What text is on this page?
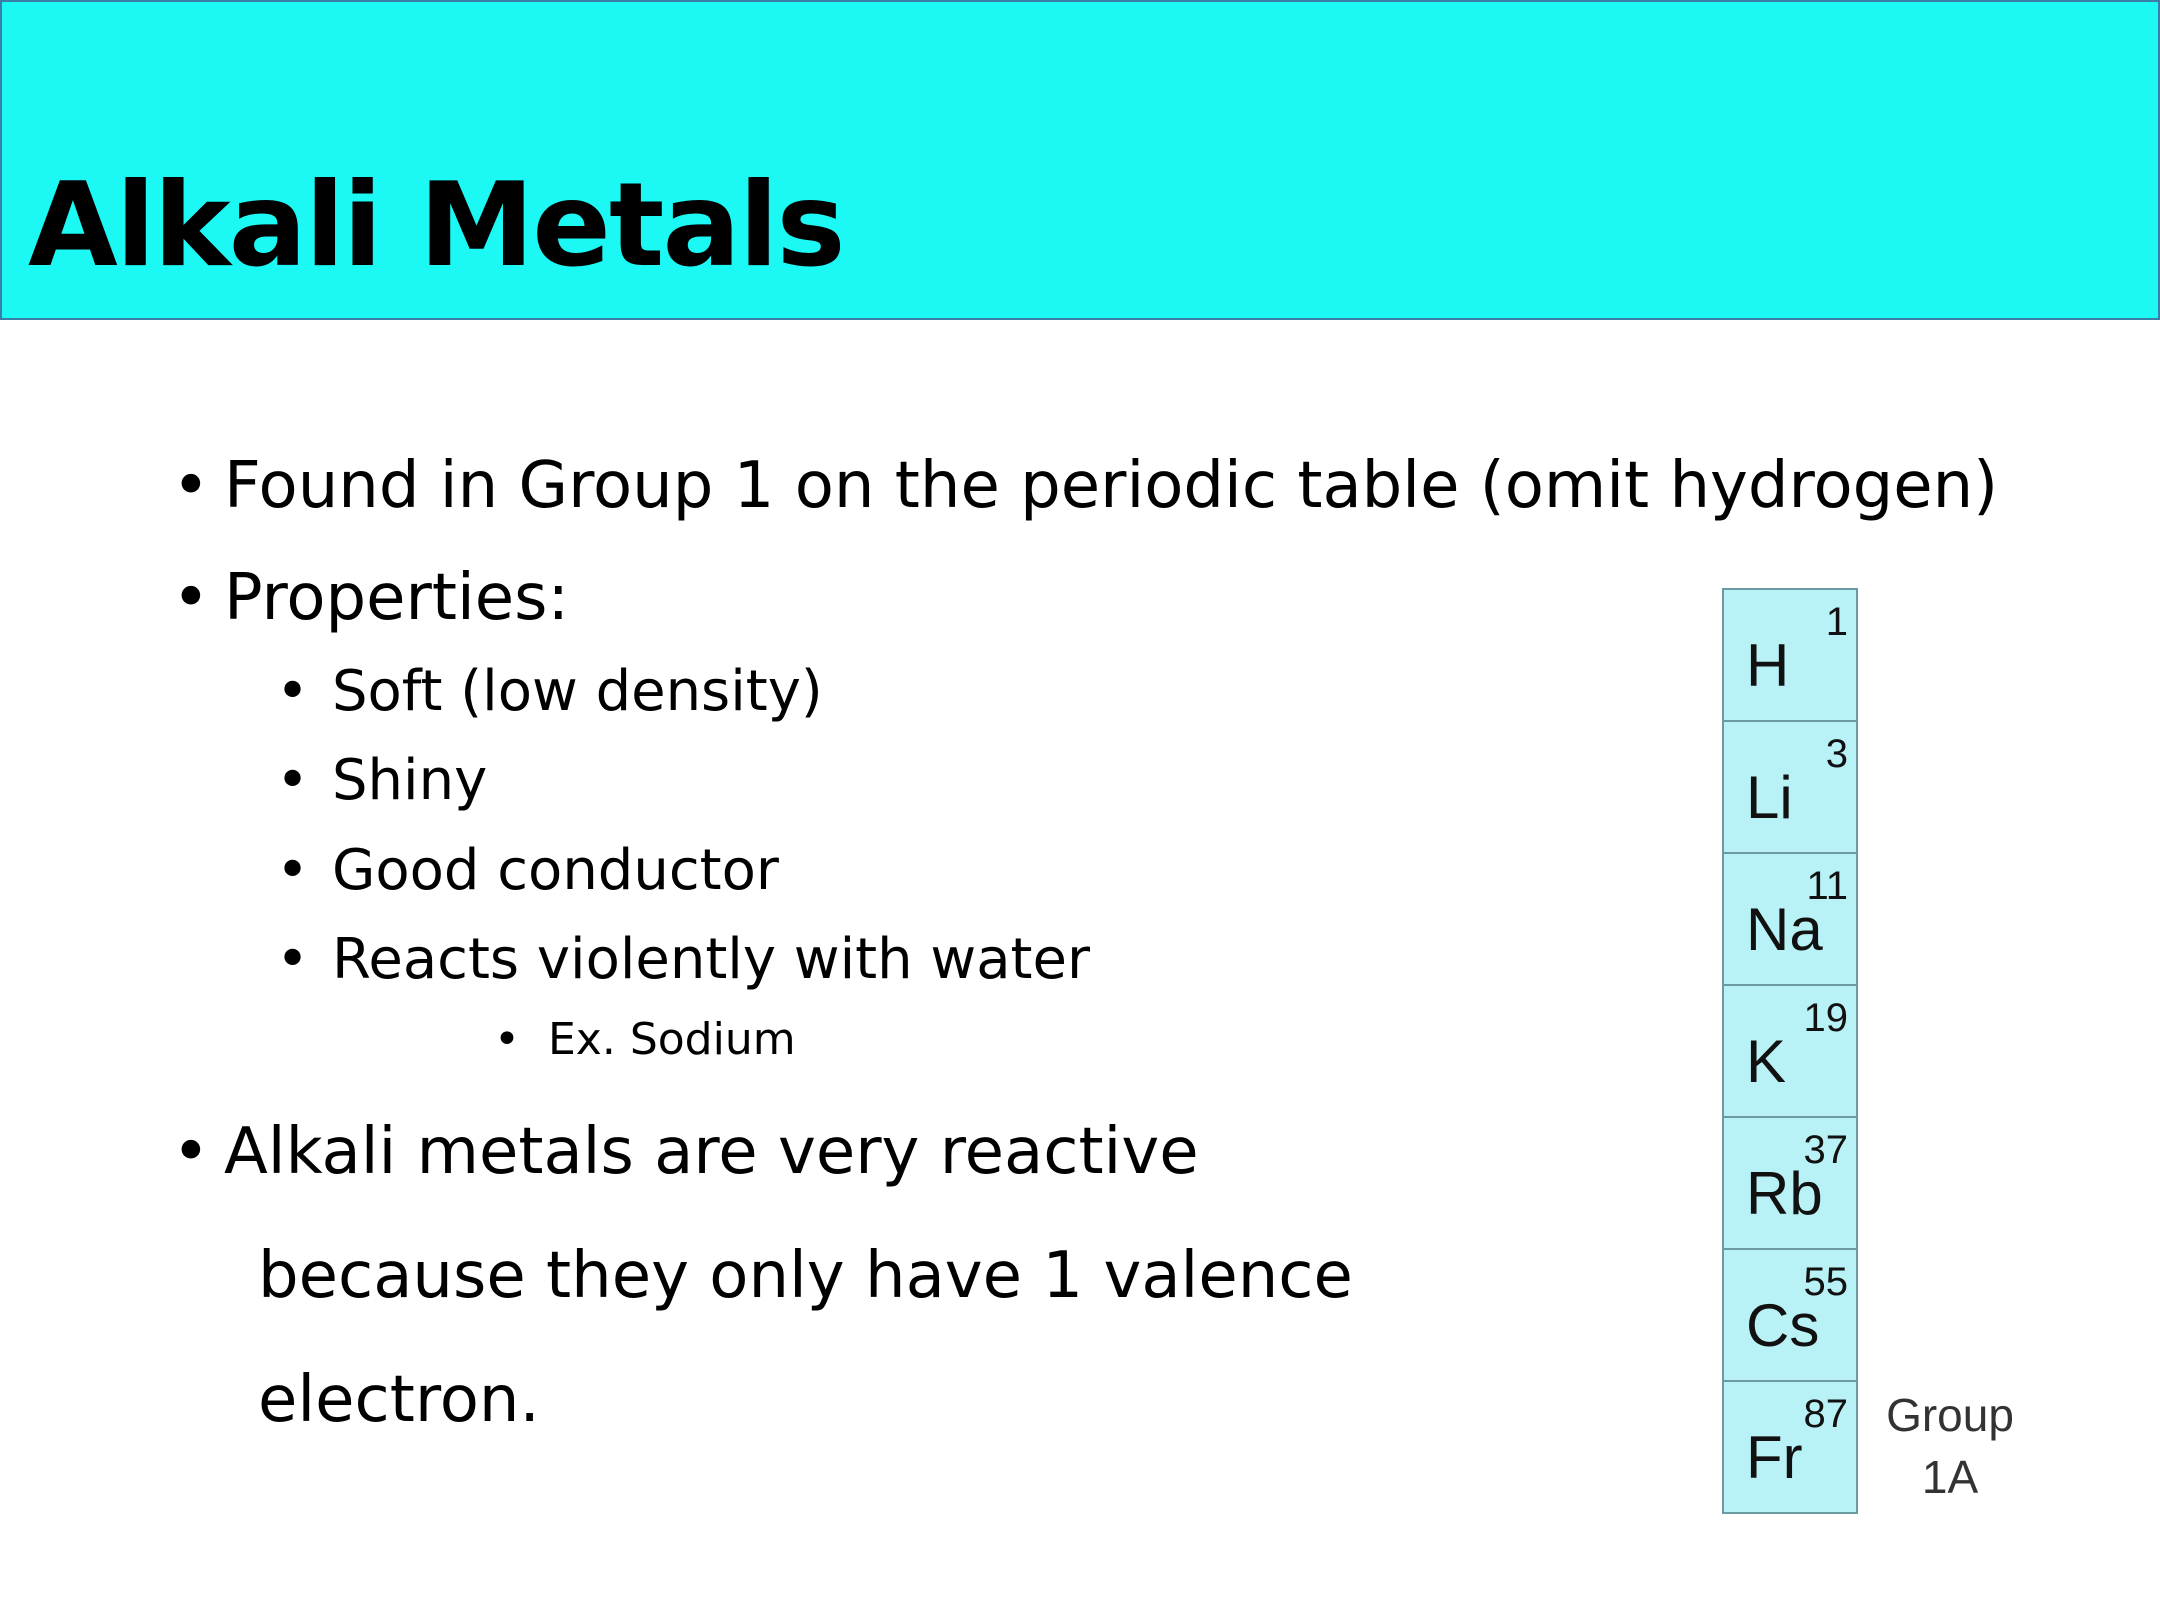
Alkali Metals
• Found in Group 1 on the periodic table (omit hydrogen)
• Properties:
• Soft (low density)
• Shiny
• Good conductor
• Reacts violently with water
• Ex. Sodium
• Alkali metals are very reactive
because they only have 1 valence
electron.
1
H
3
Li
11
Na
19
K
37
Rb
55
Cs
87
Fr
Group
1A
